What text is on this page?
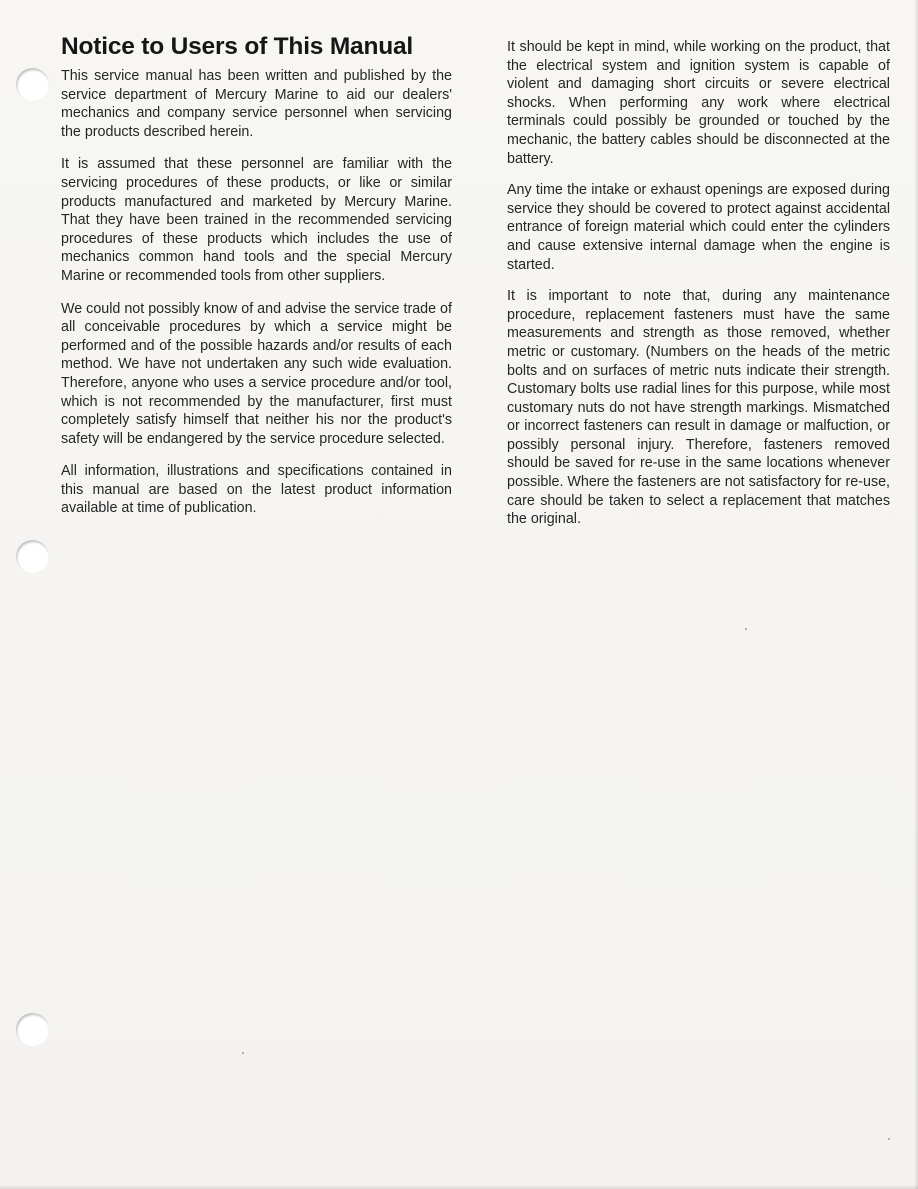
Notice to Users of This Manual

This service manual has been written and published by the service department of Mercury Marine to aid our dealers' mechanics and company service personnel when servicing the products described herein.

It is assumed that these personnel are familiar with the servicing procedures of these products, or like or similar products manufactured and marketed by Mercury Marine. That they have been trained in the recommended servicing procedures of these products which includes the use of mechanics common hand tools and the special Mercury Marine or recommended tools from other suppliers.

We could not possibly know of and advise the service trade of all conceivable procedures by which a service might be performed and of the possible hazards and/or results of each method. We have not undertaken any such wide evaluation. Therefore, anyone who uses a service procedure and/or tool, which is not recommended by the manufacturer, first must completely satisfy himself that neither his nor the product's safety will be endangered by the service procedure selected.

All information, illustrations and specifications contained in this manual are based on the latest product information available at time of publication.

It should be kept in mind, while working on the product, that the electrical system and ignition system is capable of violent and damaging short circuits or severe electrical shocks. When performing any work where electrical terminals could possibly be grounded or touched by the mechanic, the battery cables should be disconnected at the battery.

Any time the intake or exhaust openings are exposed during service they should be covered to protect against accidental entrance of foreign material which could enter the cylinders and cause extensive internal damage when the engine is started.

It is important to note that, during any maintenance procedure, replacement fasteners must have the same measurements and strength as those removed, whether metric or customary. (Numbers on the heads of the metric bolts and on surfaces of metric nuts indicate their strength. Customary bolts use radial lines for this purpose, while most customary nuts do not have strength markings. Mismatched or incorrect fasteners can result in damage or malfuction, or possibly personal injury. Therefore, fasteners removed should be saved for re-use in the same locations whenever possible. Where the fasteners are not satisfactory for re-use, care should be taken to select a replacement that matches the original.
